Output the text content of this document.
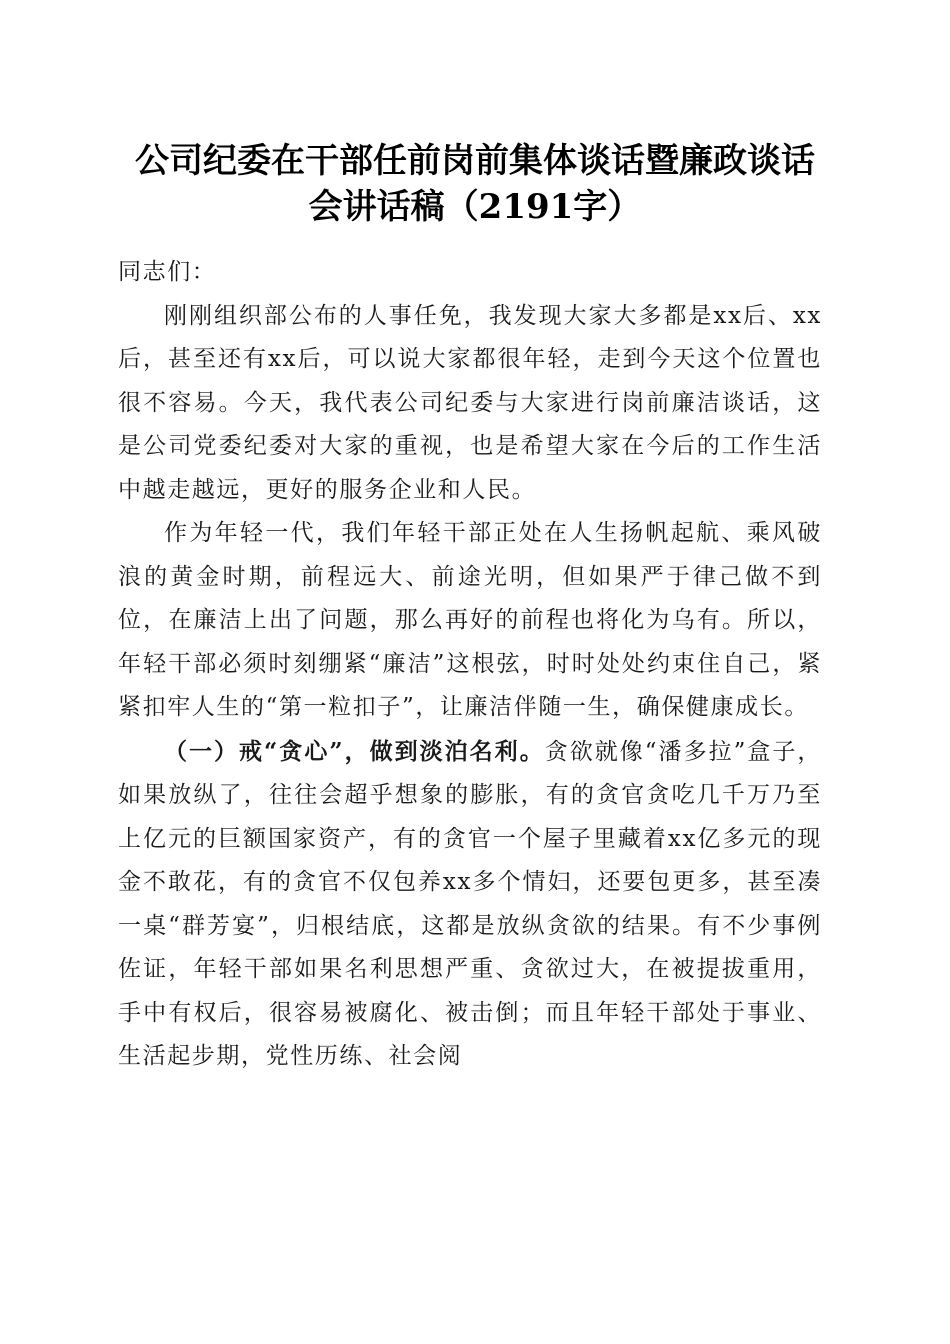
公司纪委在干部任前岗前集体谈话暨廉政谈话
会讲话稿（2191字）

同志们：

刚刚组织部公布的人事任免，我发现大家大多都是xx后、xx后，甚至还有xx后，可以说大家都很年轻，走到今天这个位置也很不容易。今天，我代表公司纪委与大家进行岗前廉洁谈话，这是公司党委纪委对大家的重视，也是希望大家在今后的工作生活中越走越远，更好的服务企业和人民。

作为年轻一代，我们年轻干部正处在人生扬帆起航、乘风破浪的黄金时期，前程远大、前途光明，但如果严于律己做不到位，在廉洁上出了问题，那么再好的前程也将化为乌有。所以，年轻干部必须时刻绷紧“廉洁”这根弦，时时处处约束住自己，紧紧扣牢人生的“第一粒扣子”，让廉洁伴随一生，确保健康成长。

（一）戒“贪心”，做到淡泊名利。贪欲就像“潘多拉”盒子，如果放纵了，往往会超乎想象的膨胀，有的贪官贪吃几千万乃至上亿元的巨额国家资产，有的贪官一个屋子里藏着xx亿多元的现金不敢花，有的贪官不仅包养xx多个情妇，还要包更多，甚至凑一桌“群芳宴”，归根结底，这都是放纵贪欲的结果。有不少事例佐证，年轻干部如果名利思想严重、贪欲过大，在被提拔重用，手中有权后，很容易被腐化、被击倒；而且年轻干部处于事业、生活起步期，党性历练、社会阅
